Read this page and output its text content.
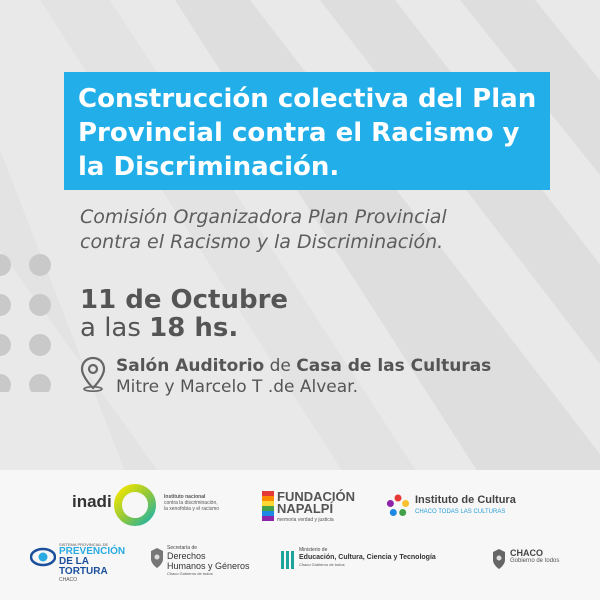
Construcción colectiva del Plan
Provincial contra el Racismo y
la Discriminación.
Comisión Organizadora Plan Provincial
contra el Racismo y la Discriminación.
11 de Octubre
a las 18 hs.
Salón Auditorio de Casa de las Culturas
Mitre y Marcelo T .de Alvear.
inadi	Instituto nacional
contra la discriminación,
la xenofobia y el racismo
FUNDACIÓN
NAPALPÍ
memoria verdad y justicia
Instituto de Cultura
CHACO TODAS LAS CULTURAS
SISTEMA PROVINCIAL DE
PREVENCIÓN
DE LA TORTURA
CHACO
Secretaría de
Derechos
Humanos y Géneros
Chaco Gobierno de todos
Ministerio de
Educación, Cultura, Ciencia y Tecnología
Chaco Gobierno de todos
CHACO
Gobierno de todos
